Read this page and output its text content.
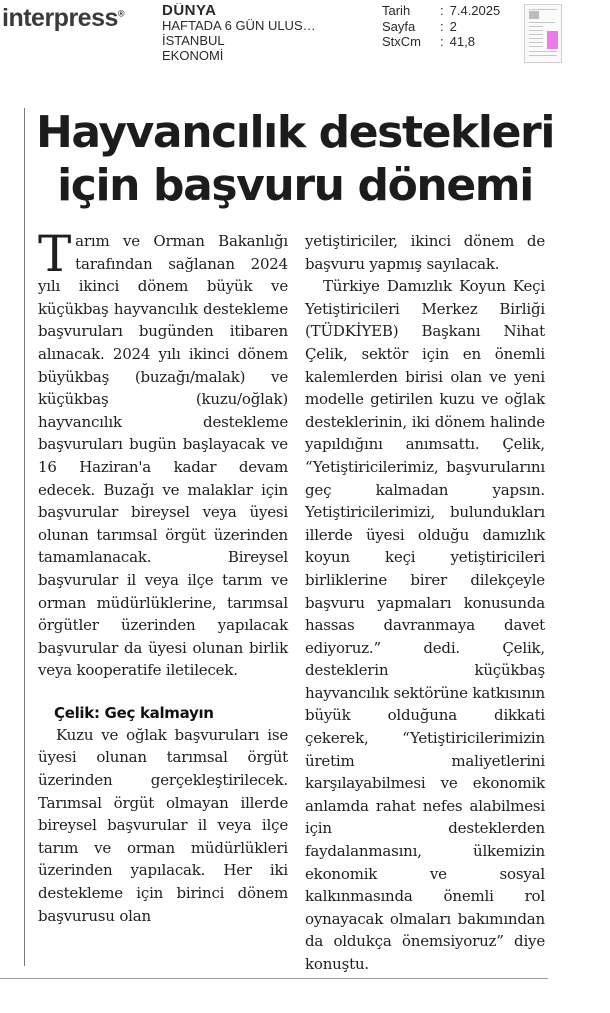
interpress®	DÜNYA
HAFTADA 6 GÜN ULUS…
İSTANBUL
EKONOMİ
Tarih : 7.4.2025
Sayfa : 2
StxCm : 41,8
Hayvancılık destekleri
için başvuru dönemi

Tarım ve Orman Bakanlığı tarafından sağlanan 2024 yılı ikinci dönem büyük ve küçükbaş hayvancılık destekleme başvuruları bugünden itibaren alınacak. 2024 yılı ikinci dönem büyükbaş (buzağı/malak) ve küçükbaş (kuzu/oğlak) hayvancılık destekleme başvuruları bugün başlayacak ve 16 Haziran'a kadar devam edecek. Buzağı ve malaklar için başvurular bireysel veya üyesi olunan tarımsal örgüt üzerinden tamamlanacak. Bireysel başvurular il veya ilçe tarım ve orman müdürlüklerine, tarımsal örgütler üzerinden yapılacak başvurular da üyesi olunan birlik veya kooperatife iletilecek.

Çelik: Geç kalmayın

Kuzu ve oğlak başvuruları ise üyesi olunan tarımsal örgüt üzerinden gerçekleştirilecek. Tarımsal örgüt olmayan illerde bireysel başvurular il veya ilçe tarım ve orman müdürlükleri üzerinden yapılacak. Her iki destekleme için birinci dönem başvurusu olan

yetiştiriciler, ikinci dönem de başvuru yapmış sayılacak.

Türkiye Damızlık Koyun Keçi Yetiştiricileri Merkez Birliği (TÜDKİYEB) Başkanı Nihat Çelik, sektör için en önemli kalemlerden birisi olan ve yeni modelle getirilen kuzu ve oğlak desteklerinin, iki dönem halinde yapıldığını anımsattı. Çelik, “Yetiştiricilerimiz, başvurularını geç kalmadan yapsın. Yetiştiricilerimizi, bulundukları illerde üyesi olduğu damızlık koyun keçi yetiştiricileri birliklerine birer dilekçeyle başvuru yapmaları konusunda hassas davranmaya davet ediyoruz.” dedi. Çelik, desteklerin küçükbaş hayvancılık sektörüne katkısının büyük olduğuna dikkati çekerek, “Yetiştiricilerimizin üretim maliyetlerini karşılayabilmesi ve ekonomik anlamda rahat nefes alabilmesi için desteklerden faydalanmasını, ülkemizin ekonomik ve sosyal kalkınmasında önemli rol oynayacak olmaları bakımından da oldukça önemsiyoruz” diye konuştu.
